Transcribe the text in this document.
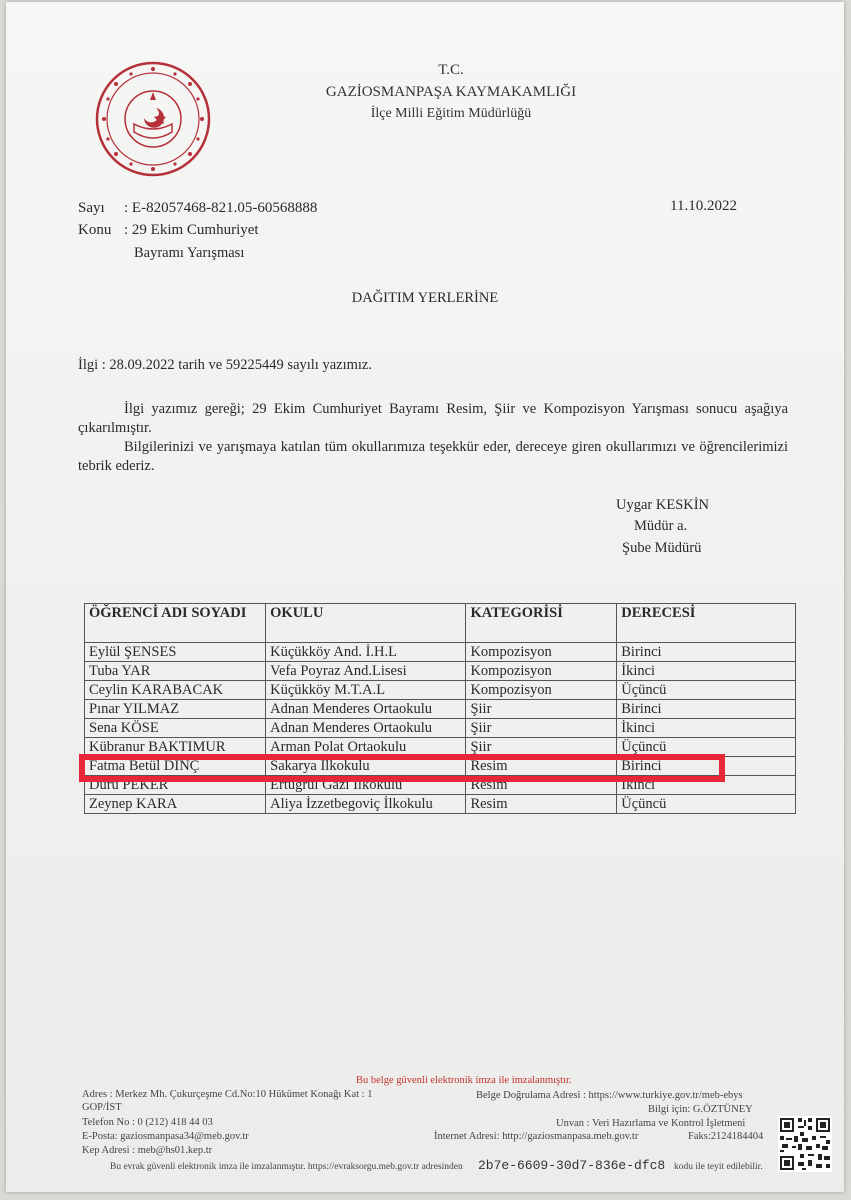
T.C.
GAZİOSMANPAŞA KAYMAKAMLIĞI
İlçe Milli Eğitim Müdürlüğü
Sayı : E-82057468-821.05-60568888
Konu : 29 Ekim Cumhuriyet
Bayramı Yarışması
11.10.2022
DAĞITIM YERLERİNE
İlgi : 28.09.2022 tarih ve 59225449 sayılı yazımız.
İlgi yazımız gereği; 29 Ekim Cumhuriyet Bayramı Resim, Şiir ve Kompozisyon Yarışması sonucu aşağıya çıkarılmıştır.
Bilgilerinizi ve yarışmaya katılan tüm okullarımıza teşekkür eder, dereceye giren okullarımızı ve öğrencilerimizi tebrik ederiz.
Uygar KESKİN
Müdür a.
Şube Müdürü
ÖĞRENCİ ADI SOYADI	OKULU	KATEGORİSİ	DERECESİ
Eylül ŞENSES	Küçükköy And. İ.H.L	Kompozisyon	Birinci
Tuba YAR	Vefa Poyraz And.Lisesi	Kompozisyon	İkinci
Ceylin KARABACAK	Küçükköy M.T.A.L	Kompozisyon	Üçüncü
Pınar YILMAZ	Adnan Menderes Ortaokulu	Şiir	Birinci
Sena KÖSE	Adnan Menderes Ortaokulu	Şiir	İkinci
Kübranur BAKTIMUR	Arman Polat Ortaokulu	Şiir	Üçüncü
Fatma Betül DİNÇ	Sakarya İlkokulu	Resim	Birinci
Duru PEKER	Ertuğrul Gazi İlkokulu	Resim	İkinci
Zeynep KARA	Aliya İzzetbegoviç İlkokulu	Resim	Üçüncü
Bu belge güvenli elektronik imza ile imzalanmıştır.
Adres : Merkez Mh. Çukurçeşme Cd.No:10 Hükümet Konağı Kat : 1
GOP/İST
Telefon No : 0 (212) 418 44 03
E-Posta: gaziosmanpasa34@meb.gov.tr
Kep Adresi : meb@hs01.kep.tr
Belge Doğrulama Adresi : https://www.turkiye.gov.tr/meb-ebys
Bilgi için: G.ÖZTÜNEY
Unvan : Veri Hazırlama ve Kontrol İşletmeni
İnternet Adresi: http://gaziosmanpasa.meb.gov.tr	Faks:2124184404
Bu evrak güvenli elektronik imza ile imzalanmıştır. https://evraksorgu.meb.gov.tr adresinden 2b7e-6609-30d7-836e-dfc8 kodu ile teyit edilebilir.
